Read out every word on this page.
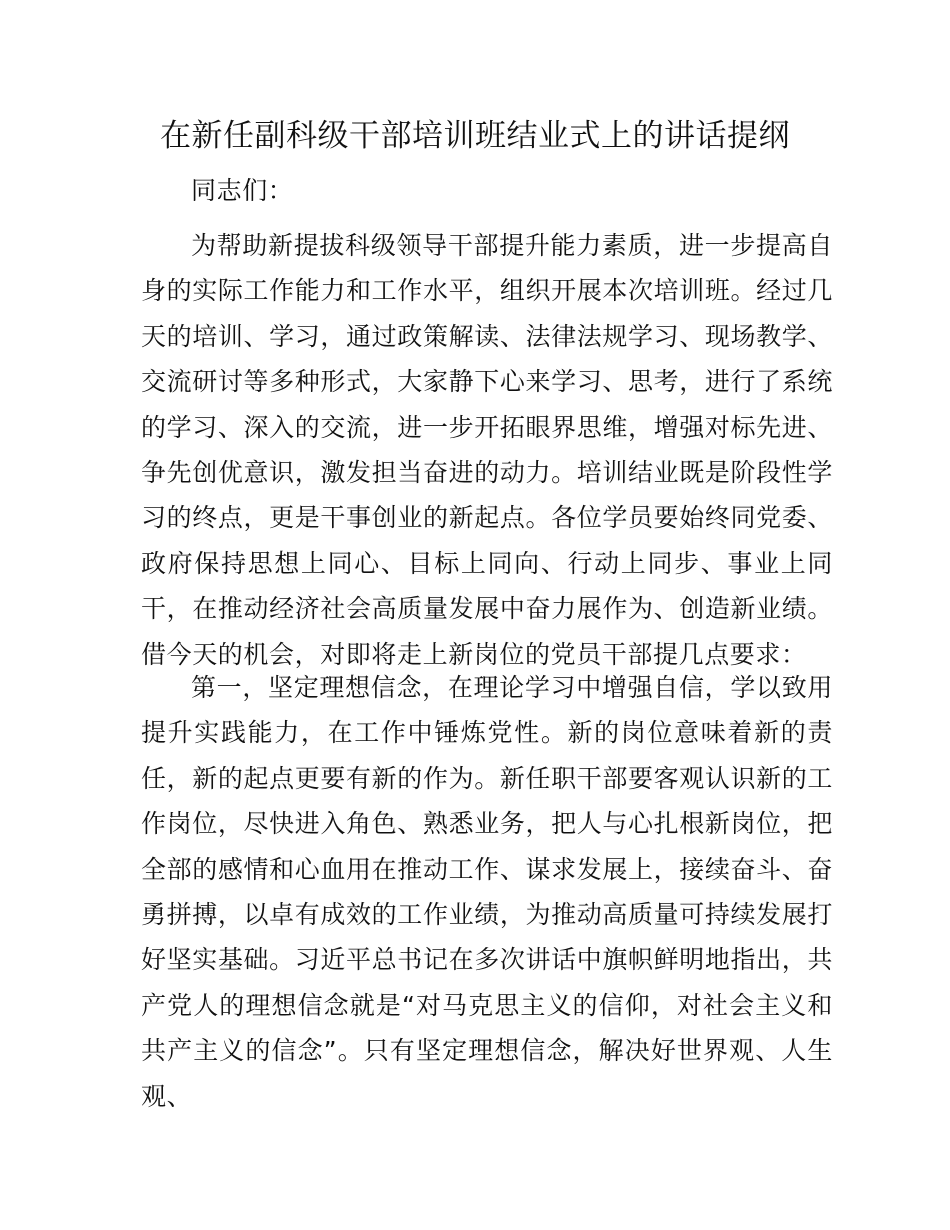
在新任副科级干部培训班结业式上的讲话提纲

同志们：

为帮助新提拔科级领导干部提升能力素质，进一步提高自身的实际工作能力和工作水平，组织开展本次培训班。经过几天的培训、学习，通过政策解读、法律法规学习、现场教学、交流研讨等多种形式，大家静下心来学习、思考，进行了系统的学习、深入的交流，进一步开拓眼界思维，增强对标先进、争先创优意识，激发担当奋进的动力。培训结业既是阶段性学习的终点，更是干事创业的新起点。各位学员要始终同党委、政府保持思想上同心、目标上同向、行动上同步、事业上同干，在推动经济社会高质量发展中奋力展作为、创造新业绩。借今天的机会，对即将走上新岗位的党员干部提几点要求：

第一，坚定理想信念，在理论学习中增强自信，学以致用提升实践能力，在工作中锤炼党性。新的岗位意味着新的责任，新的起点更要有新的作为。新任职干部要客观认识新的工作岗位，尽快进入角色、熟悉业务，把人与心扎根新岗位，把全部的感情和心血用在推动工作、谋求发展上，接续奋斗、奋勇拼搏，以卓有成效的工作业绩，为推动高质量可持续发展打好坚实基础。习近平总书记在多次讲话中旗帜鲜明地指出，共产党人的理想信念就是“对马克思主义的信仰，对社会主义和共产主义的信念”。只有坚定理想信念，解决好世界观、人生观、
